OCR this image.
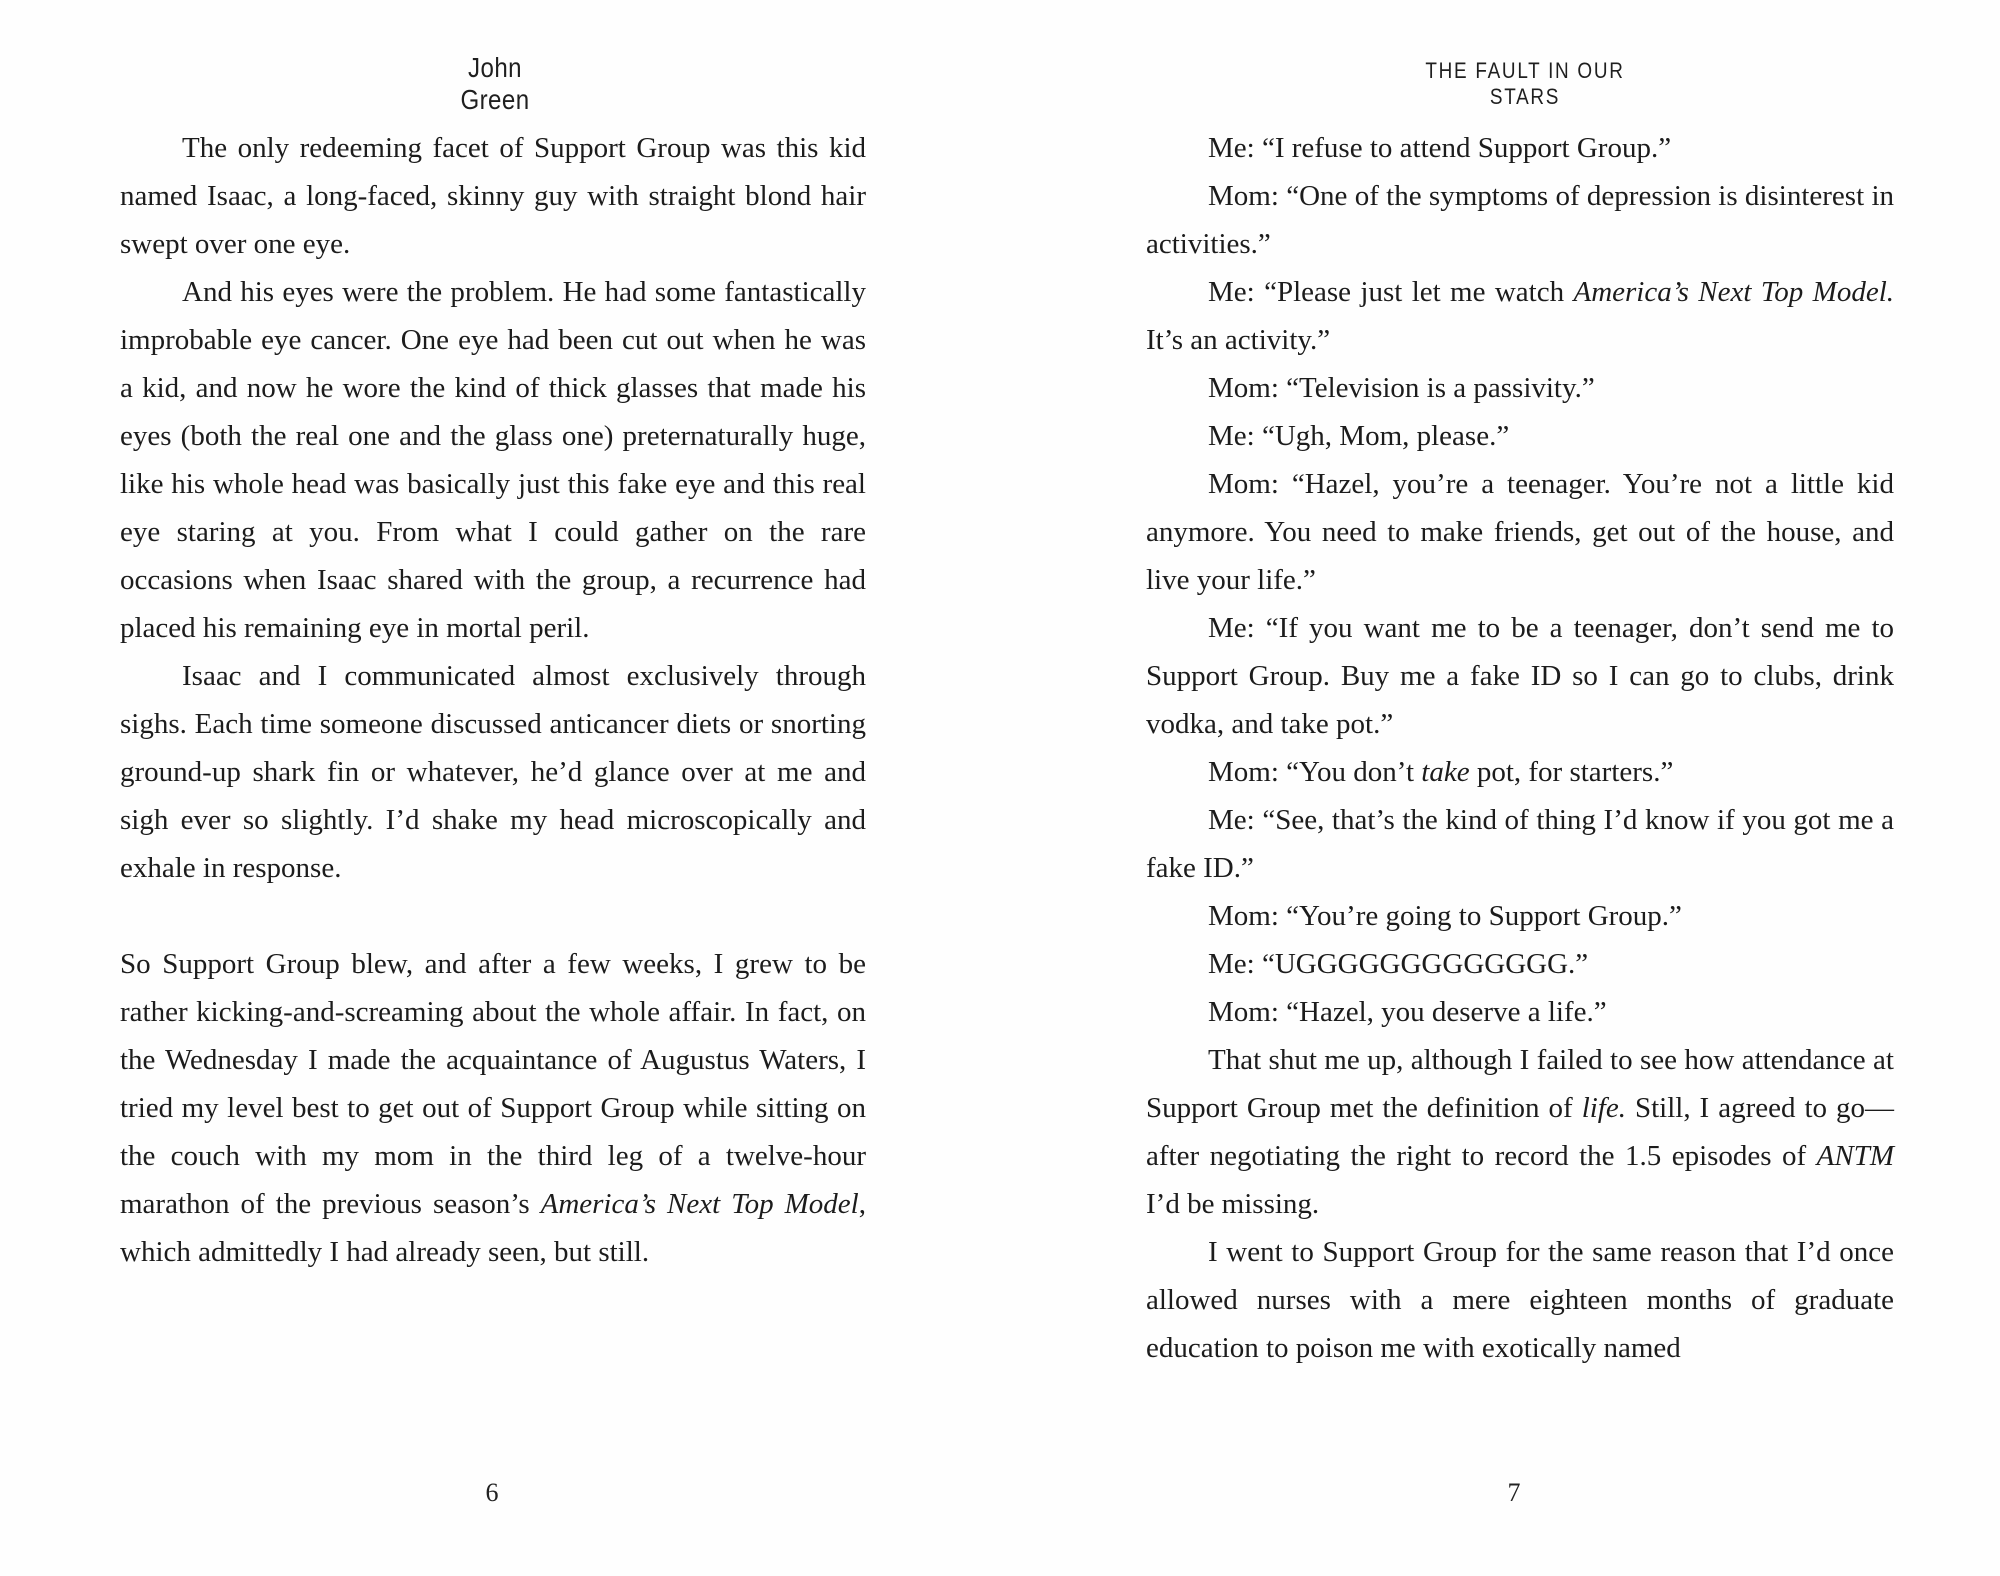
John Green

The only redeeming facet of Support Group was this kid named Isaac, a long-faced, skinny guy with straight blond hair swept over one eye.

And his eyes were the problem. He had some fantastically improbable eye cancer. One eye had been cut out when he was a kid, and now he wore the kind of thick glasses that made his eyes (both the real one and the glass one) preternaturally huge, like his whole head was basically just this fake eye and this real eye staring at you. From what I could gather on the rare occasions when Isaac shared with the group, a recurrence had placed his remaining eye in mortal peril.

Isaac and I communicated almost exclusively through sighs. Each time someone discussed anticancer diets or snorting ground-up shark fin or whatever, he’d glance over at me and sigh ever so slightly. I’d shake my head microscopically and exhale in response.

So Support Group blew, and after a few weeks, I grew to be rather kicking-and-screaming about the whole affair. In fact, on the Wednesday I made the acquaintance of Augustus Waters, I tried my level best to get out of Support Group while sitting on the couch with my mom in the third leg of a twelve-hour marathon of the previous season’s America’s Next Top Model, which admittedly I had already seen, but still.

6
THE FAULT IN OUR STARS

Me: “I refuse to attend Support Group.”

Mom: “One of the symptoms of depression is disinterest in activities.”

Me: “Please just let me watch America’s Next Top Model. It’s an activity.”

Mom: “Television is a passivity.”

Me: “Ugh, Mom, please.”

Mom: “Hazel, you’re a teenager. You’re not a little kid anymore. You need to make friends, get out of the house, and live your life.”

Me: “If you want me to be a teenager, don’t send me to Support Group. Buy me a fake ID so I can go to clubs, drink vodka, and take pot.”

Mom: “You don’t take pot, for starters.”

Me: “See, that’s the kind of thing I’d know if you got me a fake ID.”

Mom: “You’re going to Support Group.”

Me: “UGGGGGGGGGGGGG.”

Mom: “Hazel, you deserve a life.”

That shut me up, although I failed to see how attendance at Support Group met the definition of life. Still, I agreed to go—after negotiating the right to record the 1.5 episodes of ANTM I’d be missing.

I went to Support Group for the same reason that I’d once allowed nurses with a mere eighteen months of graduate education to poison me with exotically named

7
